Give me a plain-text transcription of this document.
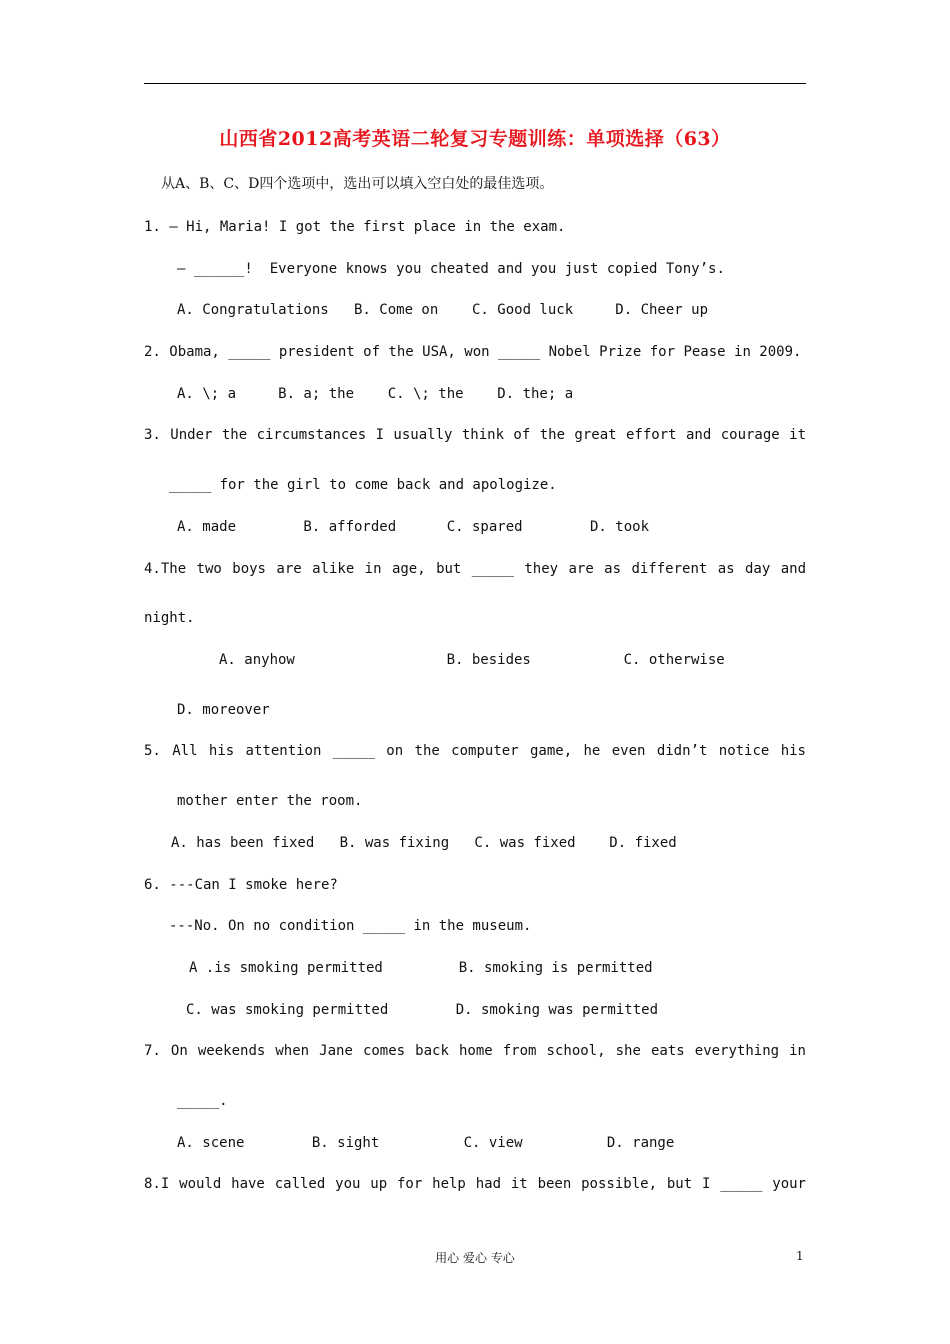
山西省2012高考英语二轮复习专题训练：单项选择（63）
从A、B、C、D四个选项中，选出可以填入空白处的最佳选项。
1. — Hi, Maria! I got the first place in the exam.
— ______!  Everyone knows you cheated and you just copied Tony’s.
A. Congratulations   B. Come on    C. Good luck     D. Cheer up
2. Obama, _____ president of the USA, won _____ Nobel Prize for Pease in 2009.
A. \; a     B. a; the    C. \; the    D. the; a
3. Under the circumstances I usually think of the great effort and courage it
_____ for the girl to come back and apologize.
A. made        B. afforded      C. spared        D. took
4.The two boys are alike in age, but _____ they are as different as day and
night.
A. anyhow                  B. besides           C. otherwise
D. moreover
5. All his attention _____ on the computer game, he even didn’t notice his
mother enter the room.
A. has been fixed   B. was fixing   C. was fixed    D. fixed
6. ---Can I smoke here?
---No. On no condition _____ in the museum.
A .is smoking permitted         B. smoking is permitted
C. was smoking permitted        D. smoking was permitted
7. On weekends when Jane comes back home from school, she eats everything in
_____.
A. scene        B. sight          C. view          D. range
8.I would have called you up for help had it been possible, but I _____ your
用心 爱心 专心	1
